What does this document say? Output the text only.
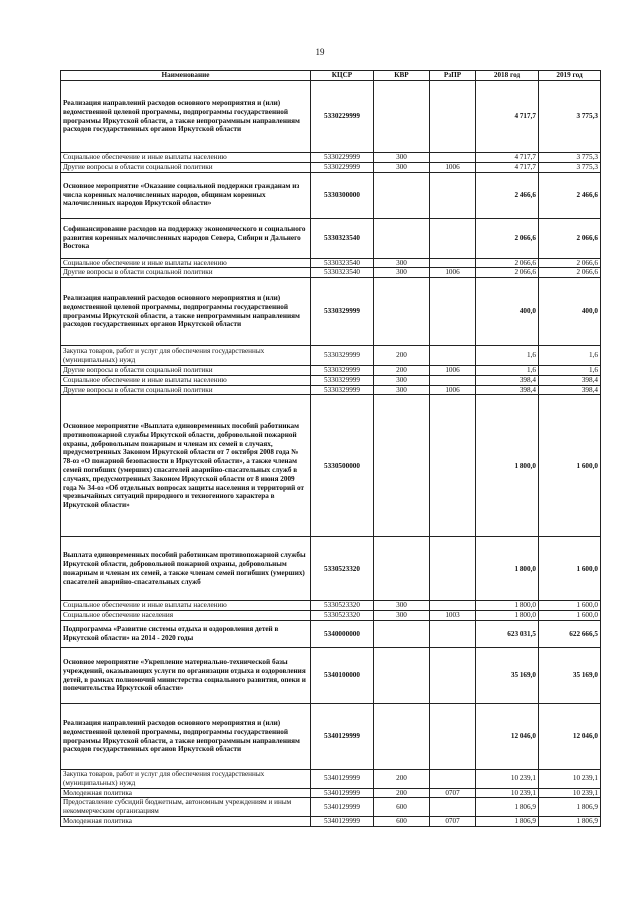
19
Наименование	КЦСР	КВР	РзПР	2018 год	2019 год
Реализация направлений расходов основного мероприятия и (или) ведомственной целевой программы, подпрограммы государственной программы Иркутской области, а также непрограммным направлениям расходов государственных органов Иркутской области	5330229999			4 717,7	3 775,3
Социальное обеспечение и иные выплаты населению	5330229999	300		4 717,7	3 775,3
Другие вопросы в области социальной политики	5330229999	300	1006	4 717,7	3 775,3
Основное мероприятие «Оказание социальной поддержки гражданам из числа коренных малочисленных народов, общинам коренных малочисленных народов Иркутской области»	5330300000			2 466,6	2 466,6
Софинансирование расходов на поддержку экономического и социального развития коренных малочисленных народов Севера, Сибири и Дальнего Востока	5330323540			2 066,6	2 066,6
Социальное обеспечение и иные выплаты населению	5330323540	300		2 066,6	2 066,6
Другие вопросы в области социальной политики	5330323540	300	1006	2 066,6	2 066,6
Реализация направлений расходов основного мероприятия и (или) ведомственной целевой программы, подпрограммы государственной программы Иркутской области, а также непрограммным направлениям расходов государственных органов Иркутской области	5330329999			400,0	400,0
Закупка товаров, работ и услуг для обеспечения государственных (муниципальных) нужд	5330329999	200		1,6	1,6
Другие вопросы в области социальной политики	5330329999	200	1006	1,6	1,6
Социальное обеспечение и иные выплаты населению	5330329999	300		398,4	398,4
Другие вопросы в области социальной политики	5330329999	300	1006	398,4	398,4
Основное мероприятие «Выплата единовременных пособий работникам противопожарной службы Иркутской области, добровольной пожарной охраны, добровольным пожарным и членам их семей в случаях, предусмотренных Законом Иркутской области от 7 октября 2008 года № 78-оз «О пожарной безопасности в Иркутской области», а также членам семей погибших (умерших) спасателей аварийно-спасательных служб в случаях, предусмотренных Законом Иркутской области от 8 июня 2009 года № 34-оз «Об отдельных вопросах защиты населения и территорий от чрезвычайных ситуаций природного и техногенного характера в Иркутской области»	5330500000			1 800,0	1 600,0
Выплата единовременных пособий работникам противопожарной службы Иркутской области, добровольной пожарной охраны, добровольным пожарным и членам их семей, а также членам семей погибших (умерших) спасателей аварийно-спасательных служб	5330523320			1 800,0	1 600,0
Социальное обеспечение и иные выплаты населению	5330523320	300		1 800,0	1 600,0
Социальное обеспечение населения	5330523320	300	1003	1 800,0	1 600,0
Подпрограмма «Развитие системы отдыха и оздоровления детей в Иркутской области» на 2014 - 2020 годы	5340000000			623 031,5	622 666,5
Основное мероприятие «Укрепление материально-технической базы учреждений, оказывающих услуги по организации отдыха и оздоровления детей, в рамках полномочий министерства социального развития, опеки и попечительства Иркутской области»	5340100000			35 169,0	35 169,0
Реализация направлений расходов основного мероприятия и (или) ведомственной целевой программы, подпрограммы государственной программы Иркутской области, а также непрограммным направлениям расходов государственных органов Иркутской области	5340129999			12 046,0	12 046,0
Закупка товаров, работ и услуг для обеспечения государственных (муниципальных) нужд	5340129999	200		10 239,1	10 239,1
Молодежная политика	5340129999	200	0707	10 239,1	10 239,1
Предоставление субсидий бюджетным, автономным учреждениям и иным некоммерческим организациям	5340129999	600		1 806,9	1 806,9
Молодежная политика	5340129999	600	0707	1 806,9	1 806,9
